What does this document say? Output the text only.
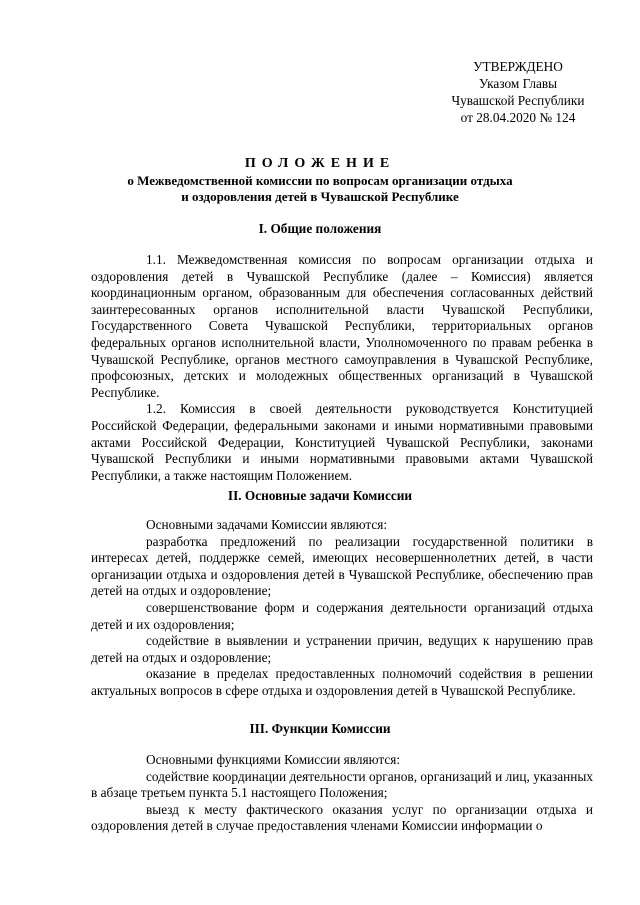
УТВЕРЖДЕНО
Указом Главы
Чувашской Республики
от 28.04.2020 № 124
ПОЛОЖЕНИЕ
о Межведомственной комиссии по вопросам организации отдыха
и оздоровления детей в Чувашской Республике
I. Общие положения

1.1. Межведомственная комиссия по вопросам организации отдыха и оздоровления детей в Чувашской Республике (далее – Комиссия) является координационным органом, образованным для обеспечения согласованных действий заинтересованных органов исполнительной власти Чувашской Республики, Государственного Совета Чувашской Республики, территориальных органов федеральных органов исполнительной власти, Уполномоченного по правам ребенка в Чувашской Республике, органов местного самоуправления в Чувашской Республике, профсоюзных, детских и молодежных общественных организаций в Чувашской Республике.

1.2. Комиссия в своей деятельности руководствуется Конституцией Российской Федерации, федеральными законами и иными нормативными правовыми актами Российской Федерации, Конституцией Чувашской Республики, законами Чувашской Республики и иными нормативными правовыми актами Чувашской Республики, а также настоящим Положением.

II. Основные задачи Комиссии

Основными задачами Комиссии являются:

разработка предложений по реализации государственной политики в интересах детей, поддержке семей, имеющих несовершеннолетних детей, в части организации отдыха и оздоровления детей в Чувашской Республике, обеспечению прав детей на отдых и оздоровление;

совершенствование форм и содержания деятельности организаций отдыха детей и их оздоровления;

содействие в выявлении и устранении причин, ведущих к нарушению прав детей на отдых и оздоровление;

оказание в пределах предоставленных полномочий содействия в решении актуальных вопросов в сфере отдыха и оздоровления детей в Чувашской Республике.

III. Функции Комиссии

Основными функциями Комиссии являются:

содействие координации деятельности органов, организаций и лиц, указанных в абзаце третьем пункта 5.1 настоящего Положения;

выезд к месту фактического оказания услуг по организации отдыха и оздоровления детей в случае предоставления членами Комиссии информации о
